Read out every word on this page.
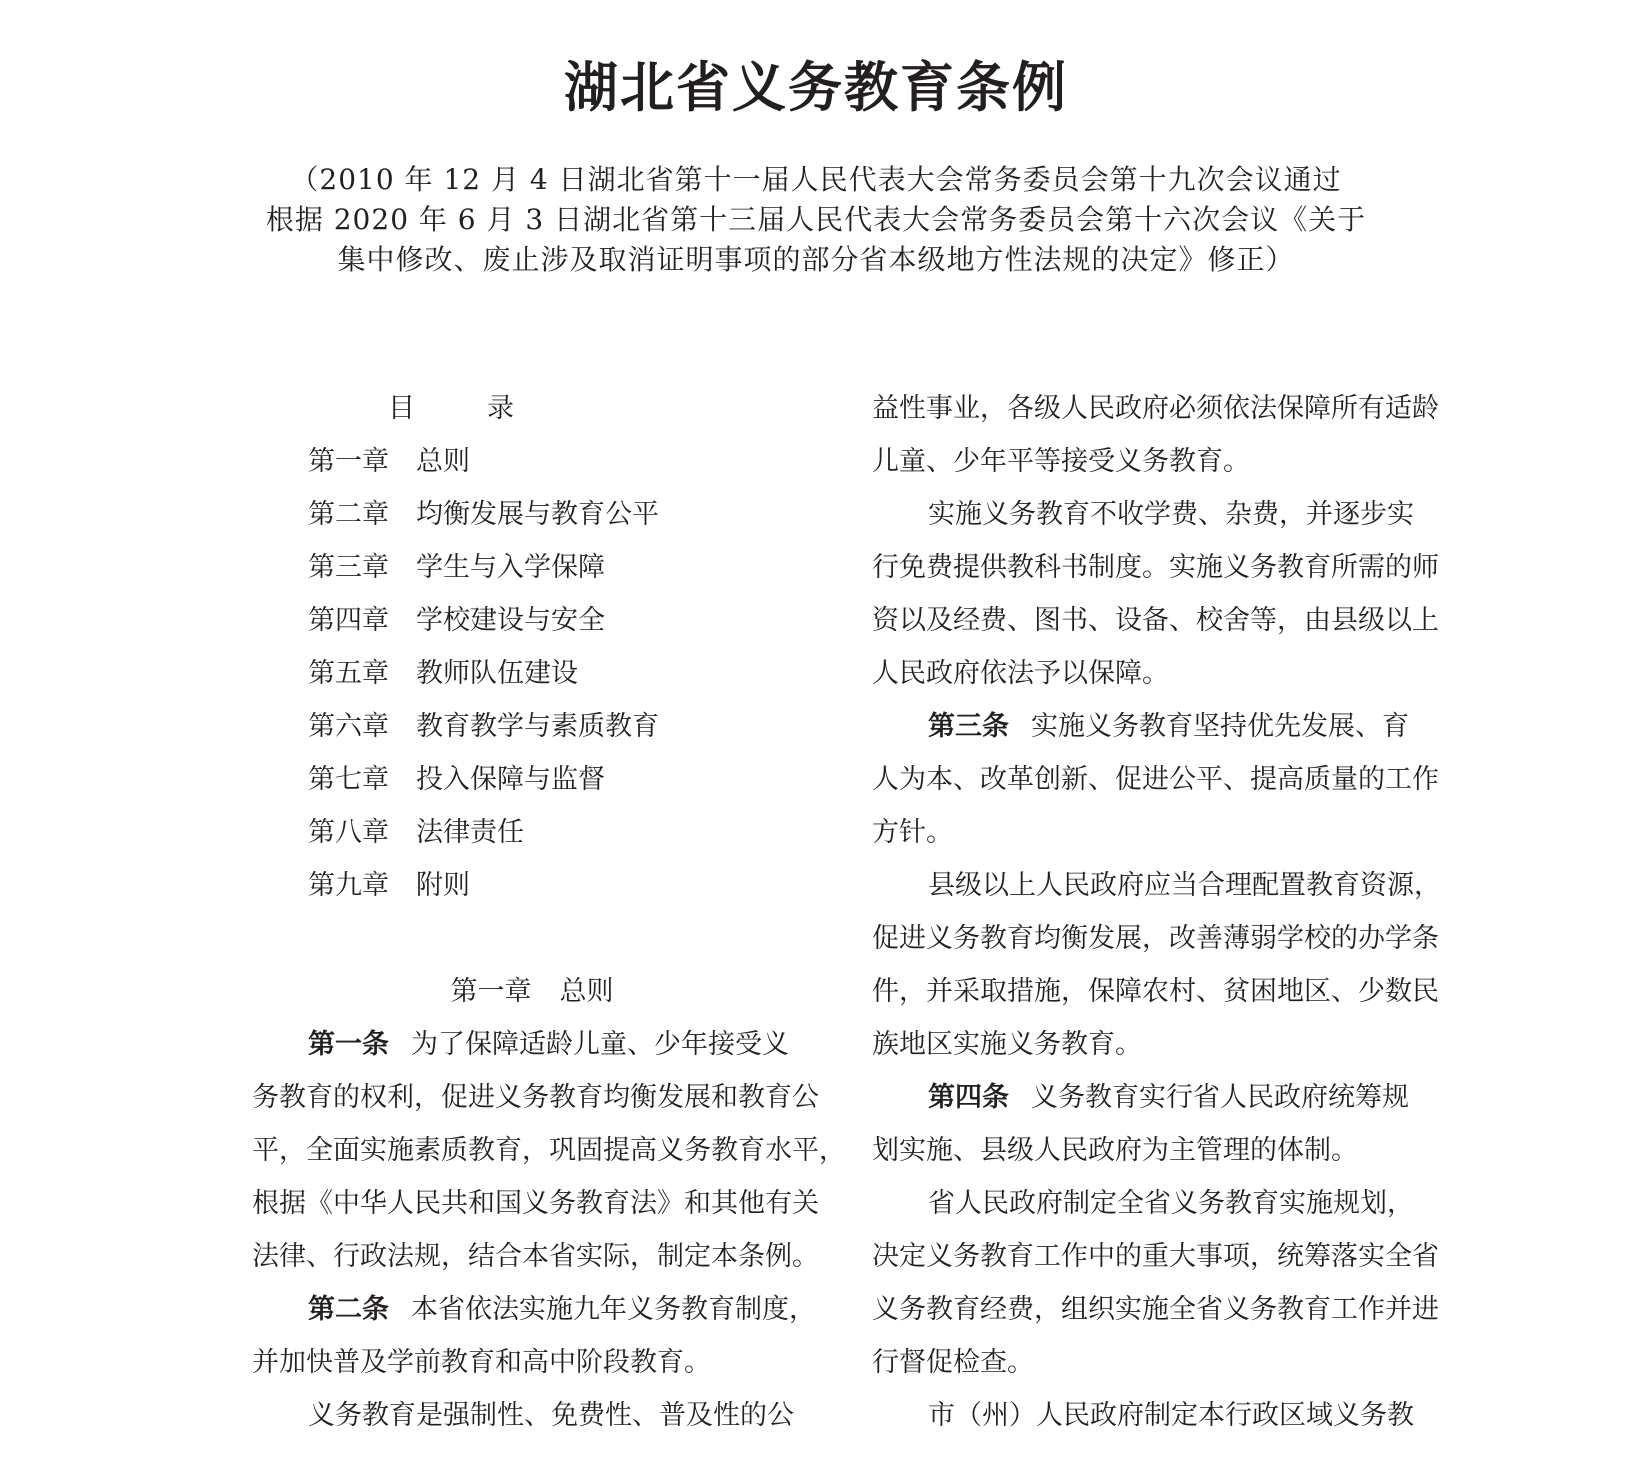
湖北省义务教育条例
（2010 年 12 月 4 日湖北省第十一届人民代表大会常务委员会第十九次会议通过
根据 2020 年 6 月 3 日湖北省第十三届人民代表大会常务委员会第十六次会议《关于
集中修改、废止涉及取消证明事项的部分省本级地方性法规的决定》修正）
目录
第一章 总则
第二章 均衡发展与教育公平
第三章 学生与入学保障
第四章 学校建设与安全
第五章 教师队伍建设
第六章 教育教学与素质教育
第七章 投入保障与监督
第八章 法律责任
第九章 附则
第一章 总则
第一条 为了保障适龄儿童、少年接受义
务教育的权利，促进义务教育均衡发展和教育公
平，全面实施素质教育，巩固提高义务教育水平，
根据《中华人民共和国义务教育法》和其他有关
法律、行政法规，结合本省实际，制定本条例。
第二条 本省依法实施九年义务教育制度，
并加快普及学前教育和高中阶段教育。
义务教育是强制性、免费性、普及性的公
益性事业，各级人民政府必须依法保障所有适龄
儿童、少年平等接受义务教育。
实施义务教育不收学费、杂费，并逐步实
行免费提供教科书制度。实施义务教育所需的师
资以及经费、图书、设备、校舍等，由县级以上
人民政府依法予以保障。
第三条 实施义务教育坚持优先发展、育
人为本、改革创新、促进公平、提高质量的工作
方针。
县级以上人民政府应当合理配置教育资源，
促进义务教育均衡发展，改善薄弱学校的办学条
件，并采取措施，保障农村、贫困地区、少数民
族地区实施义务教育。
第四条 义务教育实行省人民政府统筹规
划实施、县级人民政府为主管理的体制。
省人民政府制定全省义务教育实施规划，
决定义务教育工作中的重大事项，统筹落实全省
义务教育经费，组织实施全省义务教育工作并进
行督促检查。
市（州）人民政府制定本行政区域义务教
